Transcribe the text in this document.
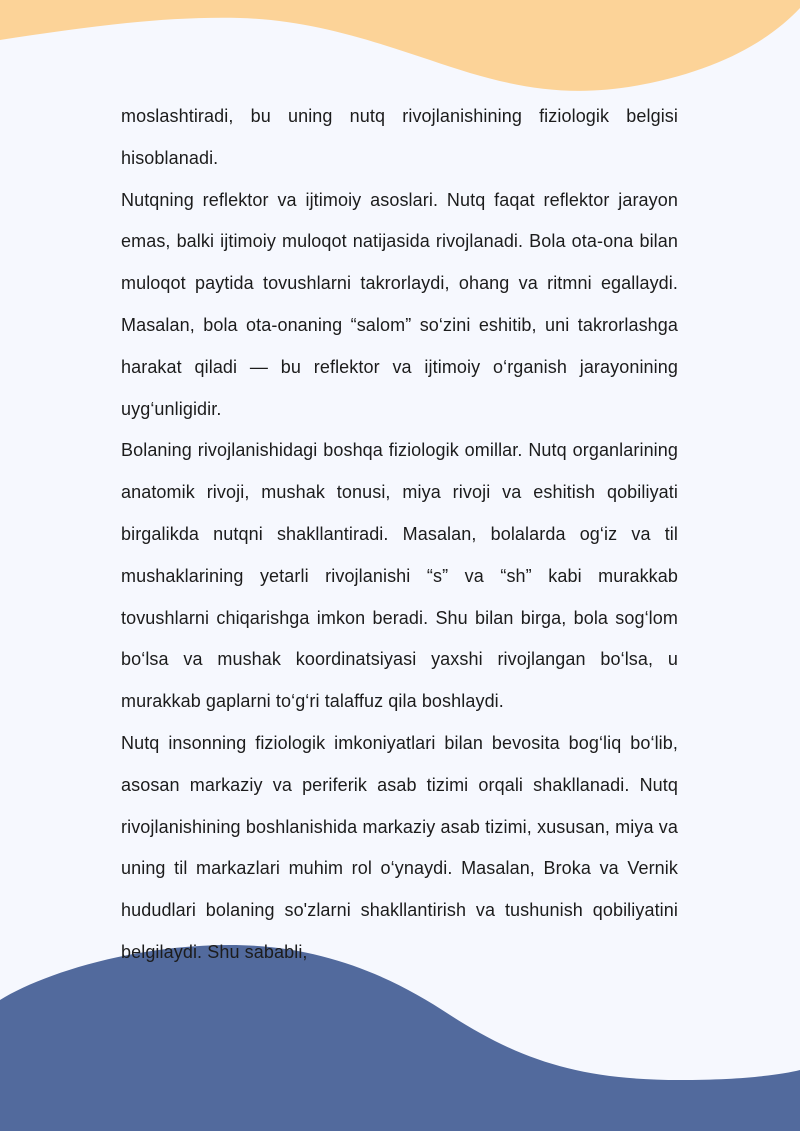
moslashtiradi, bu uning nutq rivojlanishining fiziologik belgisi hisoblanadi.

Nutqning reflektor va ijtimoiy asoslari. Nutq faqat reflektor jarayon emas, balki ijtimoiy muloqot natijasida rivojlanadi. Bola ota-ona bilan muloqot paytida tovushlarni takrorlaydi, ohang va ritmni egallaydi. Masalan, bola ota-onaning “salom” so‘zini eshitib, uni takrorlashga harakat qiladi — bu reflektor va ijtimoiy o‘rganish jarayonining uyg‘unligidir.

Bolaning rivojlanishidagi boshqa fiziologik omillar. Nutq organlarining anatomik rivoji, mushak tonusi, miya rivoji va eshitish qobiliyati birgalikda nutqni shakllantiradi. Masalan, bolalarda og‘iz va til mushaklarining yetarli rivojlanishi “s” va “sh” kabi murakkab tovushlarni chiqarishga imkon beradi. Shu bilan birga, bola sog‘lom bo‘lsa va mushak koordinatsiyasi yaxshi rivojlangan bo‘lsa, u murakkab gaplarni to‘g‘ri talaffuz qila boshlaydi.

Nutq insonning fiziologik imkoniyatlari bilan bevosita bog‘liq bo‘lib, asosan markaziy va periferik asab tizimi orqali shakllanadi. Nutq rivojlanishining boshlanishida markaziy asab tizimi, xususan, miya va uning til markazlari muhim rol o‘ynaydi. Masalan, Broka va Vernik hududlari bolaning so'zlarni shakllantirish va tushunish qobiliyatini belgilaydi. Shu sababli,
